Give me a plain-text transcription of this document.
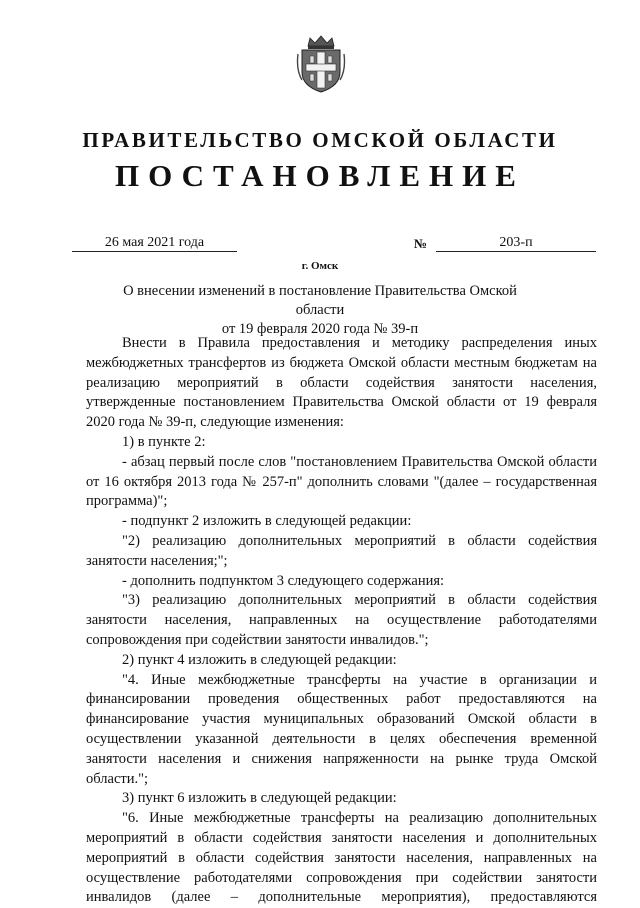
ПРАВИТЕЛЬСТВО ОМСКОЙ ОБЛАСТИ
ПОСТАНОВЛЕНИЕ
26 мая 2021 года	№	203-п
г. Омск
О внесении изменений в постановление Правительства Омской области
от 19 февраля 2020 года № 39-п

Внести в Правила предоставления и методику распределения иных межбюджетных трансфертов из бюджета Омской области местным бюджетам на реализацию мероприятий в области содействия занятости населения, утвержденные постановлением Правительства Омской области от 19 февраля 2020 года № 39-п, следующие изменения:

1) в пункте 2:

- абзац первый после слов "постановлением Правительства Омской области от 16 октября 2013 года № 257-п" дополнить словами "(далее – государственная программа)";

- подпункт 2 изложить в следующей редакции:

"2) реализацию дополнительных мероприятий в области содействия занятости населения;";

- дополнить подпунктом 3 следующего содержания:

"3) реализацию дополнительных мероприятий в области содействия занятости населения, направленных на осуществление работодателями сопровождения при содействии занятости инвалидов.";

2) пункт 4 изложить в следующей редакции:

"4. Иные межбюджетные трансферты на участие в организации и финансировании проведения общественных работ предоставляются на финансирование участия муниципальных образований Омской области в осуществлении указанной деятельности в целях обеспечения временной занятости населения и снижения напряженности на рынке труда Омской области.";

3) пункт 6 изложить в следующей редакции:

"6. Иные межбюджетные трансферты на реализацию дополнительных мероприятий в области содействия занятости населения и дополнительных мероприятий в области содействия занятости населения, направленных на осуществление работодателями сопровождения при содействии занятости инвалидов (далее – дополнительные мероприятия), предоставляются
